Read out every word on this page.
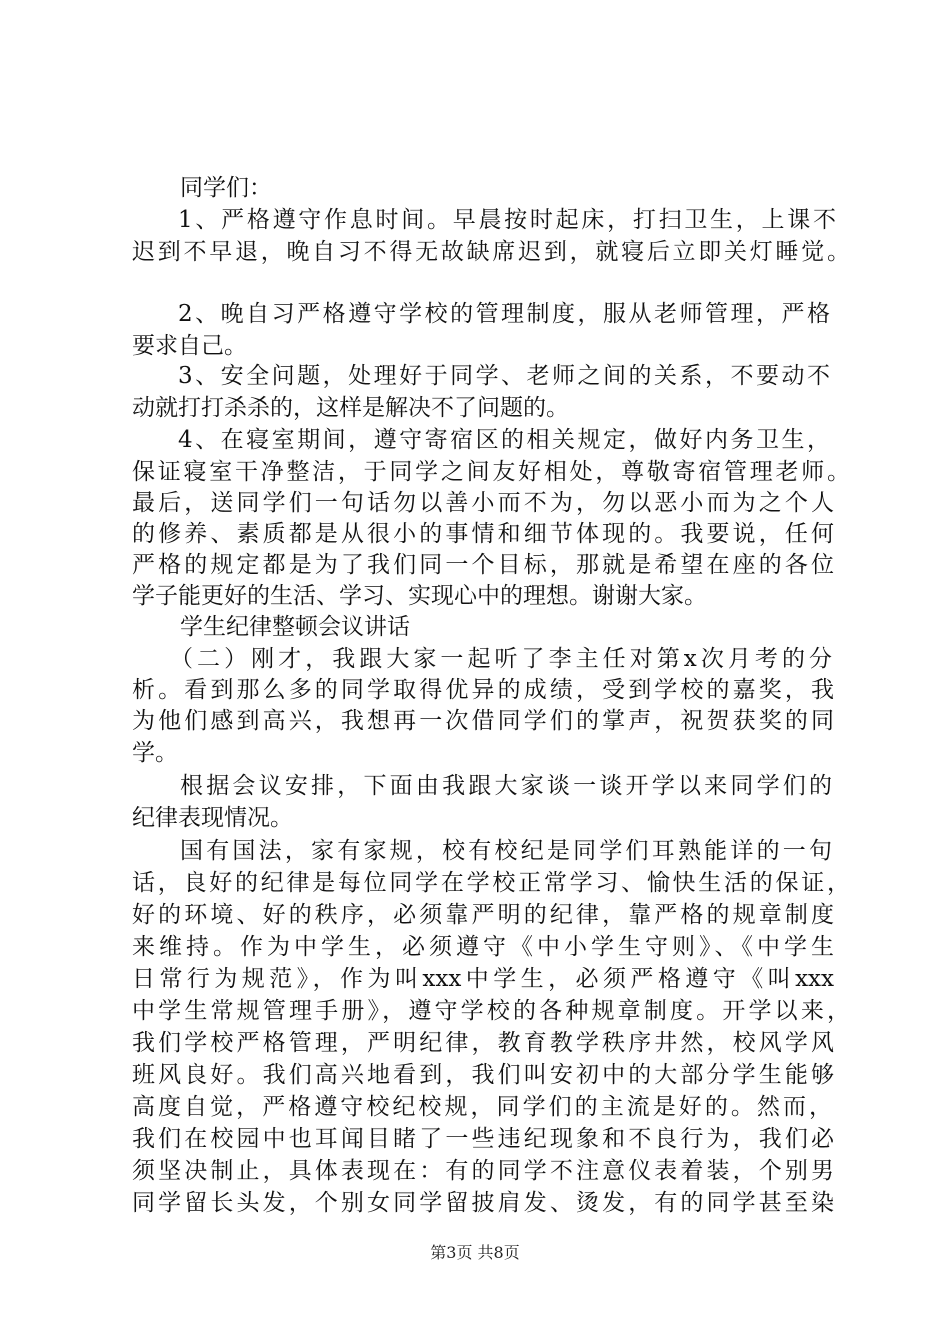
同学们：
1、严格遵守作息时间。早晨按时起床，打扫卫生，上课不
迟到不早退，晚自习不得无故缺席迟到，就寝后立即关灯睡觉。
2、晚自习严格遵守学校的管理制度，服从老师管理，严格
要求自己。
3、安全问题，处理好于同学、老师之间的关系，不要动不
动就打打杀杀的，这样是解决不了问题的。
4、在寝室期间，遵守寄宿区的相关规定，做好内务卫生，
保证寝室干净整洁，于同学之间友好相处，尊敬寄宿管理老师。
最后，送同学们一句话勿以善小而不为，勿以恶小而为之个人
的修养、素质都是从很小的事情和细节体现的。我要说，任何
严格的规定都是为了我们同一个目标，那就是希望在座的各位
学子能更好的生活、学习、实现心中的理想。谢谢大家。
学生纪律整顿会议讲话
（二）刚才，我跟大家一起听了李主任对第x次月考的分
析。看到那么多的同学取得优异的成绩，受到学校的嘉奖，我
为他们感到高兴，我想再一次借同学们的掌声，祝贺获奖的同
学。
根据会议安排，下面由我跟大家谈一谈开学以来同学们的
纪律表现情况。
国有国法，家有家规，校有校纪是同学们耳熟能详的一句
话，良好的纪律是每位同学在学校正常学习、愉快生活的保证，
好的环境、好的秩序，必须靠严明的纪律，靠严格的规章制度
来维持。作为中学生，必须遵守《中小学生守则》、《中学生
日常行为规范》，作为叫xxx中学生，必须严格遵守《叫xxx
中学生常规管理手册》，遵守学校的各种规章制度。开学以来，
我们学校严格管理，严明纪律，教育教学秩序井然，校风学风
班风良好。我们高兴地看到，我们叫安初中的大部分学生能够
高度自觉，严格遵守校纪校规，同学们的主流是好的。然而，
我们在校园中也耳闻目睹了一些违纪现象和不良行为，我们必
须坚决制止，具体表现在：有的同学不注意仪表着装，个别男
同学留长头发，个别女同学留披肩发、烫发，有的同学甚至染
第3页 共8页
